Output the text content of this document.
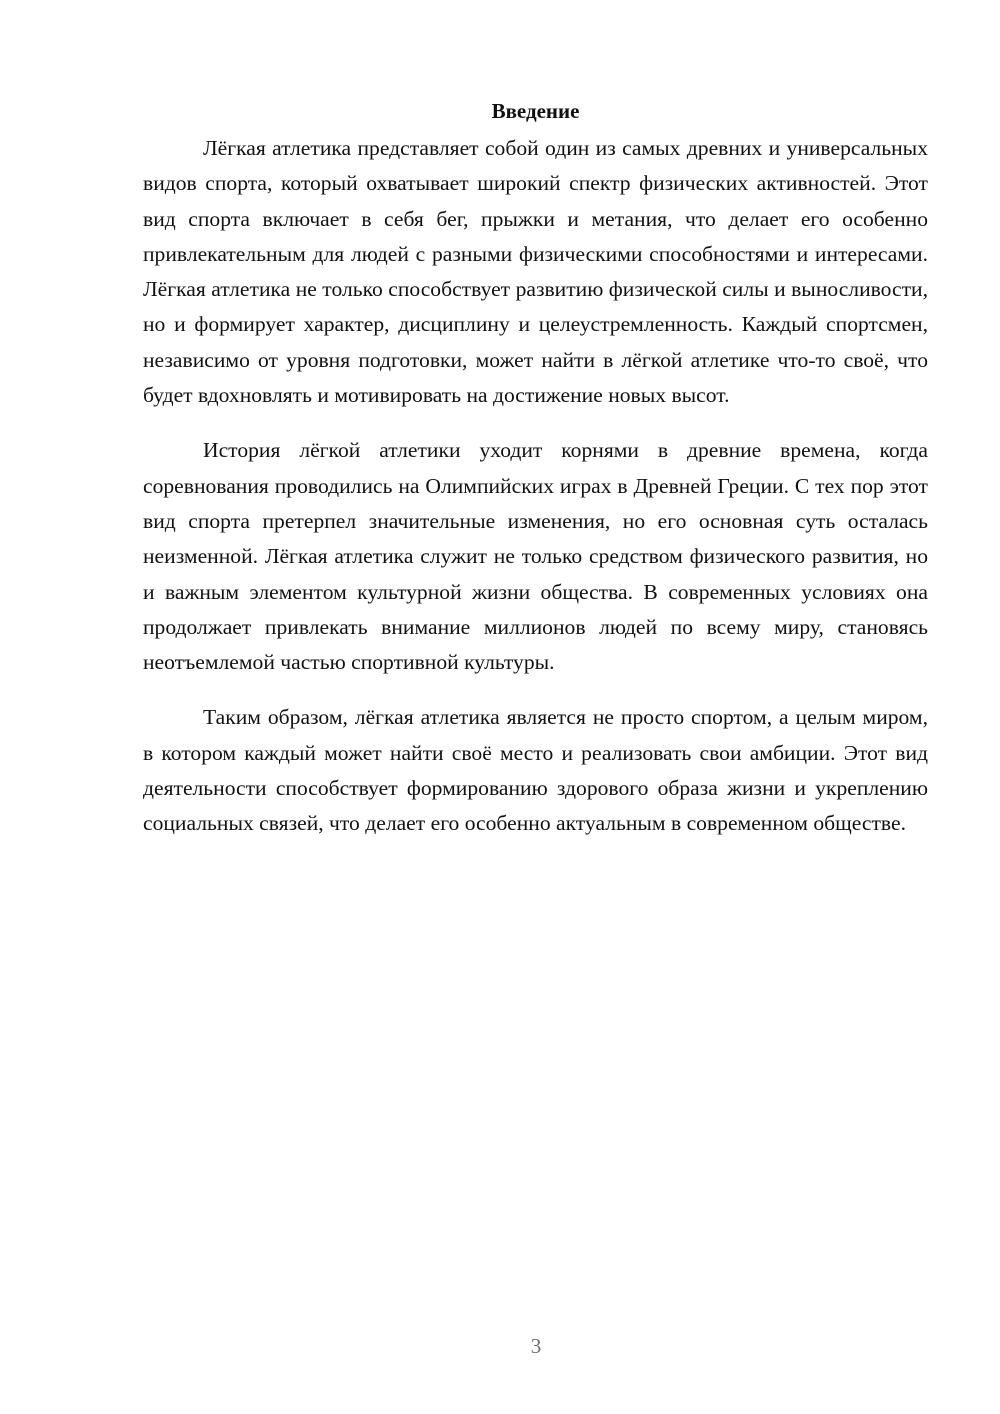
Введение

Лёгкая атлетика представляет собой один из самых древних и универсальных видов спорта, который охватывает широкий спектр физических активностей. Этот вид спорта включает в себя бег, прыжки и метания, что делает его особенно привлекательным для людей с разными физическими способностями и интересами. Лёгкая атлетика не только способствует развитию физической силы и выносливости, но и формирует характер, дисциплину и целеустремленность. Каждый спортсмен, независимо от уровня подготовки, может найти в лёгкой атлетике что-то своё, что будет вдохновлять и мотивировать на достижение новых высот.

История лёгкой атлетики уходит корнями в древние времена, когда соревнования проводились на Олимпийских играх в Древней Греции. С тех пор этот вид спорта претерпел значительные изменения, но его основная суть осталась неизменной. Лёгкая атлетика служит не только средством физического развития, но и важным элементом культурной жизни общества. В современных условиях она продолжает привлекать внимание миллионов людей по всему миру, становясь неотъемлемой частью спортивной культуры.

Таким образом, лёгкая атлетика является не просто спортом, а целым миром, в котором каждый может найти своё место и реализовать свои амбиции. Этот вид деятельности способствует формированию здорового образа жизни и укреплению социальных связей, что делает его особенно актуальным в современном обществе.

3
